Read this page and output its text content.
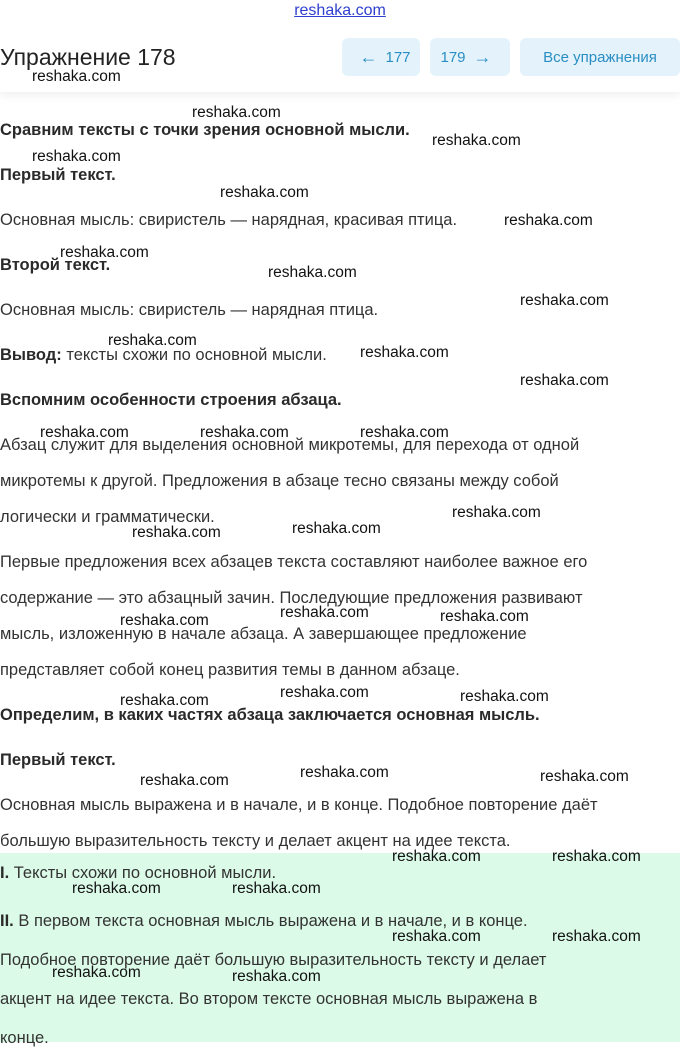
reshaka.com
Сравним тексты с точки зрения основной мысли.
Первый текст.
Основная мысль: свиристель — нарядная, красивая птица.
Второй текст.
Основная мысль: свиристель — нарядная птица.
Вывод: тексты схожи по основной мысли.
Вспомним особенности строения абзаца.
Абзац служит для выделения основной микротемы, для перехода от одной
микротемы к другой. Предложения в абзаце тесно связаны между собой
логически и грамматически.
Первые предложения всех абзацев текста составляют наиболее важное его
содержание — это абзацный зачин. Последующие предложения развивают
мысль, изложенную в начале абзаца. А завершающее предложение
представляет собой конец развития темы в данном абзаце.
Определим, в каких частях абзаца заключается основная мысль.
Первый текст.
Основная мысль выражена и в начале, и в конце. Подобное повторение даёт
большую выразительность тексту и делает акцент на идее текста.
I. Тексты схожи по основной мысли.
II. В первом текста основная мысль выражена и в начале, и в конце.
Подобное повторение даёт большую выразительность тексту и делает
акцент на идее текста. Во втором тексте основная мысль выражена в
конце.
Упражнение 178	← 177 179 →	Все упражнения
reshaka.com
reshaka.com
reshaka.com
reshaka.com
reshaka.com
reshaka.com
reshaka.com
reshaka.com
reshaka.com
reshaka.com
reshaka.com
reshaka.com
reshaka.com	reshaka.com	reshaka.com
reshaka.com
reshaka.com
reshaka.com
reshaka.com	reshaka.com
reshaka.com
reshaka.com	reshaka.com
reshaka.com
reshaka.com	reshaka.com
reshaka.com
reshaka.com	reshaka.com
reshaka.com	reshaka.com
reshaka.com	reshaka.com
reshaka.com	reshaka.com
